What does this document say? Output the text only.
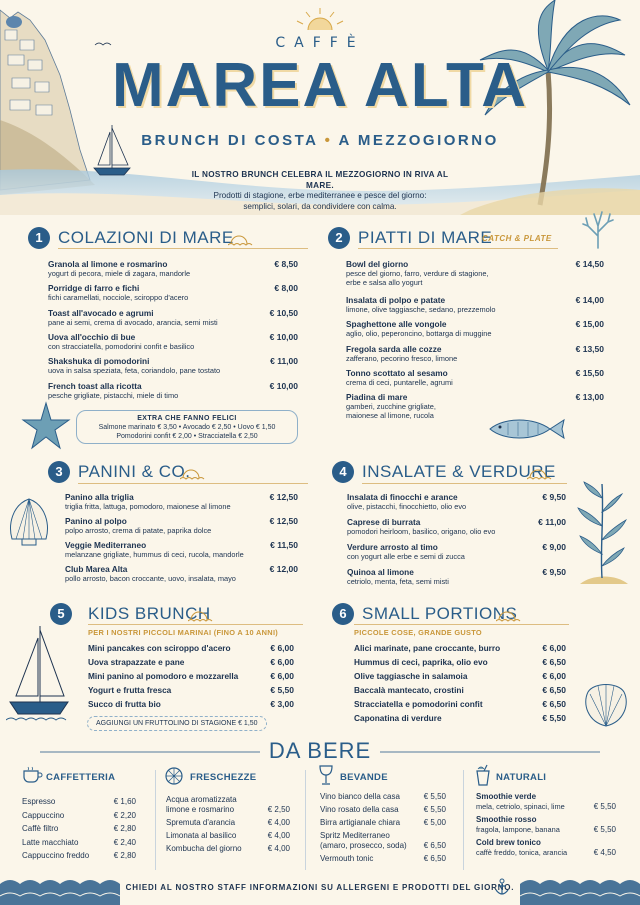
CAFFÈ
MAREA ALTA
BRUNCH DI COSTA • A MEZZOGIORNO
IL NOSTRO BRUNCH CELEBRA IL MEZZOGIORNO IN RIVA AL MARE.
Prodotti di stagione, erbe mediterranee e pesce del giorno:
semplici, solari, da condividere con calma.
1 COLAZIONI DI MARE
Granola al limone e rosmarino
yogurt di pecora, miele di zagara, mandorle
€ 8,50
Porridge di farro e fichi
fichi caramellati, nocciole, sciroppo d'acero
€ 8,00
Toast all'avocado e agrumi
pane ai semi, crema di avocado, arancia, semi misti
€ 10,50
Uova all'occhio di bue
con stracciatella, pomodorini confit e basilico
€ 10,00
Shakshuka di pomodorini
uova in salsa speziata, feta, coriandolo, pane tostato
€ 11,00
French toast alla ricotta
pesche grigliate, pistacchi, miele di timo
€ 10,00
EXTRA CHE FANNO FELICI
Salmone marinato € 3,50 • Avocado € 2,50 • Uovo € 1,50
Pomodorini confit € 2,00 • Stracciatella € 2,50
2 PIATTI DI MARE
CATCH & PLATE
Bowl del giorno
pesce del giorno, farro, verdure di stagione,
erbe e salsa allo yogurt
€ 14,50
Insalata di polpo e patate
limone, olive taggiasche, sedano, prezzemolo
€ 14,00
Spaghettone alle vongole
aglio, olio, peperoncino, bottarga di muggine
€ 15,00
Fregola sarda alle cozze
zafferano, pecorino fresco, limone
€ 13,50
Tonno scottato al sesamo
crema di ceci, puntarelle, agrumi
€ 15,50
Piadina di mare
gamberi, zucchine grigliate,
maionese al limone, rucola
€ 13,00
3 PANINI & CO.
Panino alla triglia
triglia fritta, lattuga, pomodoro, maionese al limone
€ 12,50
Panino al polpo
polpo arrosto, crema di patate, paprika dolce
€ 12,50
Veggie Mediterraneo
melanzane grigliate, hummus di ceci, rucola, mandorle
€ 11,50
Club Marea Alta
pollo arrosto, bacon croccante, uovo, insalata, mayo
€ 12,00
4 INSALATE & VERDURE
Insalata di finocchi e arance
olive, pistacchi, finocchietto, olio evo
€ 9,50
Caprese di burrata
pomodori heirloom, basilico, origano, olio evo
€ 11,00
Verdure arrosto al timo
con yogurt alle erbe e semi di zucca
€ 9,00
Quinoa al limone
cetriolo, menta, feta, semi misti
€ 9,50
5	KIDS BRUNCH
PER I NOSTRI PICCOLI MARINAI (FINO A 10 ANNI)
Mini pancakes con sciroppo d'acero	€ 6,00
Uova strapazzate e pane	€ 6,00
Mini panino al pomodoro e mozzarella	€ 6,00
Yogurt e frutta fresca	€ 5,50
Succo di frutta bio	€ 3,00
AGGIUNGI UN FRUTTOLINO DI STAGIONE € 1,50
6 SMALL PORTIONS
PICCOLE COSE, GRANDE GUSTO
Alici marinate, pane croccante, burro	€ 6,00
Hummus di ceci, paprika, olio evo	€ 6,50
Olive taggiasche in salamoia	€ 6,00
Baccalà mantecato, crostini	€ 6,50
Stracciatella e pomodorini confit	€ 6,50
Caponatina di verdure	€ 5,50
DA BERE
CAFFETTERIA
Espresso	€ 1,60
Cappuccino	€ 2,20
Caffè filtro	€ 2,80
Latte macchiato	€ 2,40
Cappuccino freddo	€ 2,80
FRESCHEZZE
Acqua aromatizzata
limone e rosmarino	€ 2,50
Spremuta d'arancia	€ 4,00
Limonata al basilico	€ 4,00
Kombucha del giorno	€ 4,00
BEVANDE
Vino bianco della casa	€ 5,50
Vino rosato della casa	€ 5,50
Birra artigianale chiara	€ 5,00
Spritz Mediterraneo
(amaro, prosecco, soda)	€ 6,50
Vermouth tonic	€ 6,50
NATURALI
Smoothie verde
mela, cetriolo, spinaci, lime	€ 5,50
Smoothie rosso
fragola, lampone, banana	€ 5,50
Cold brew tonico
caffè freddo, tonica, arancia	€ 4,50
CHIEDI AL NOSTRO STAFF INFORMAZIONI SU ALLERGENI E PRODOTTI DEL GIORNO.
